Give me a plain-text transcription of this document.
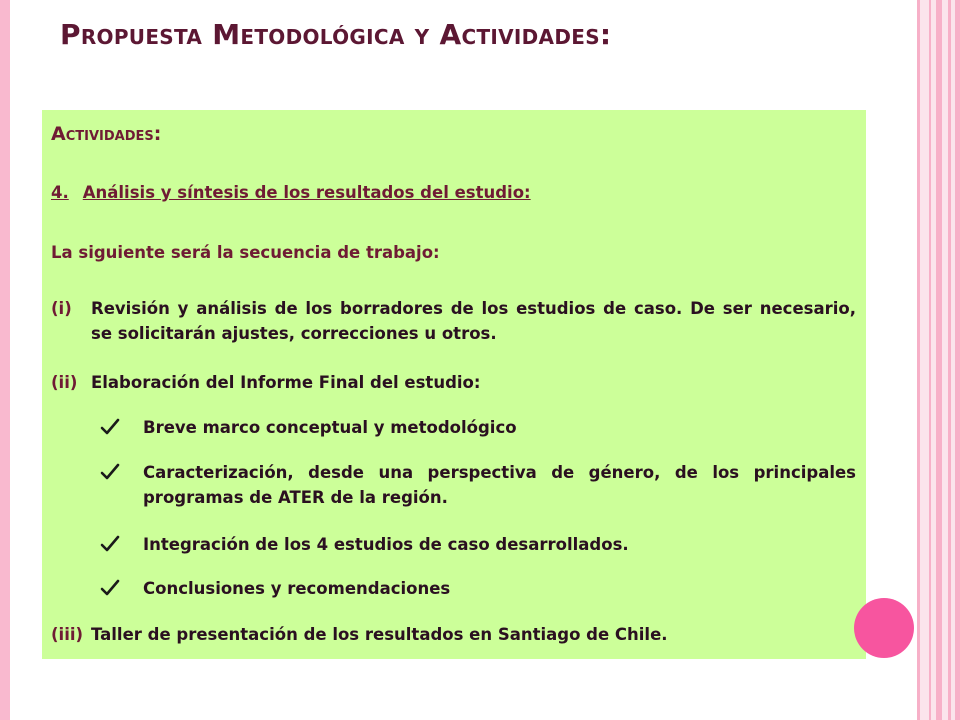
Propuesta Metodológica y Actividades:
Actividades:
4. Análisis y síntesis de los resultados del estudio:
La siguiente será la secuencia de trabajo:
(i)	Revisión y análisis de los borradores de los estudios de caso. De ser necesario, se solicitarán ajustes, correcciones u otros.
(ii) Elaboración del Informe Final del estudio:
Breve marco conceptual y metodológico
Caracterización, desde una perspectiva de género, de los principales programas de ATER de la región.
Integración de los 4 estudios de caso desarrollados.
Conclusiones y recomendaciones
(iii) Taller de presentación de los resultados en Santiago de Chile.
